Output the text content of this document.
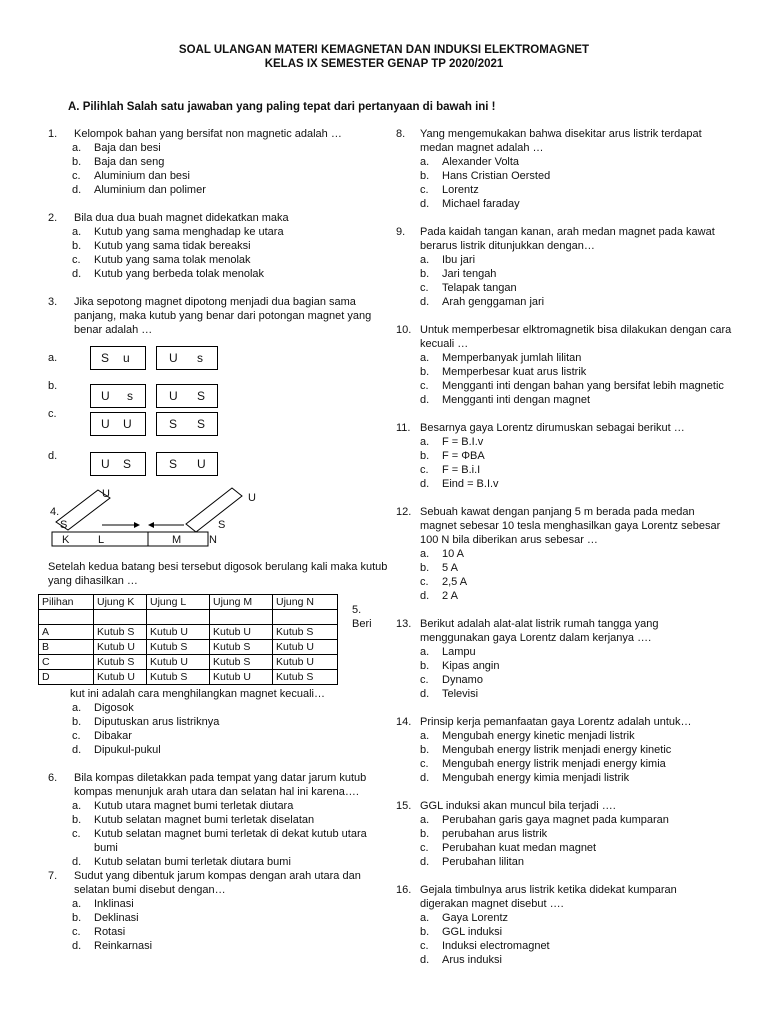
SOAL ULANGAN MATERI KEMAGNETAN DAN INDUKSI ELEKTROMAGNET
KELAS IX SEMESTER GENAP TP 2020/2021
A. Pilihlah Salah satu jawaban yang paling tepat dari pertanyaan di bawah ini !
1. Kelompok bahan yang bersifat non magnetic adalah …
a. Baja dan besi
b. Baja dan seng
c. Aluminium dan besi
d. Aluminium dan polimer
2. Bila dua dua buah magnet didekatkan maka
a. Kutub yang sama menghadap ke utara
b. Kutub yang sama tidak bereaksi
c. Kutub yang sama tolak menolak
d. Kutub yang berbeda tolak menolak
3. Jika sepotong magnet dipotong menjadi dua bagian sama
panjang, maka kutub yang benar dari potongan magnet yang
benar adalah …
a.
b.
c.
d.
S u	U s
U s	U S
U U	S S
U S	S U
4.
U
S
K	L
U
S
M	N
Setelah kedua batang besi tersebut digosok berulang kali maka kutub
yang dihasilkan …
Pilihan	Ujung K	Ujung L	Ujung M	Ujung N

A	Kutub S	Kutub U	Kutub U	Kutub S
B	Kutub U	Kutub S	Kutub S	Kutub U
C	Kutub S	Kutub U	Kutub S	Kutub U
D	Kutub U	Kutub S	Kutub U	Kutub S
5.
Beri
kut ini adalah cara menghilangkan magnet kecuali…
a. Digosok
b. Diputuskan arus listriknya
c. Dibakar
d. Dipukul-pukul
6. Bila kompas diletakkan pada tempat yang datar jarum kutub
kompas menunjuk arah utara dan selatan hal ini karena….
a. Kutub utara magnet bumi terletak diutara
b. Kutub selatan magnet bumi terletak diselatan
c. Kutub selatan magnet bumi terletak di dekat kutub utara
bumi
d. Kutub selatan bumi terletak diutara bumi
7. Sudut yang dibentuk jarum kompas dengan arah utara dan
selatan bumi disebut dengan…
a. Inklinasi
b. Deklinasi
c. Rotasi
d. Reinkarnasi
8. Yang mengemukakan bahwa disekitar arus listrik terdapat
medan magnet adalah …
a. Alexander Volta
b. Hans Cristian Oersted
c. Lorentz
d. Michael faraday
9. Pada kaidah tangan kanan, arah medan magnet pada kawat
berarus listrik ditunjukkan dengan…
a. Ibu jari
b. Jari tengah
c. Telapak tangan
d. Arah genggaman jari
10. Untuk memperbesar elktromagnetik bisa dilakukan dengan cara
kecuali …
a. Memperbanyak jumlah lilitan
b. Memperbesar kuat arus listrik
c. Mengganti inti dengan bahan yang bersifat lebih magnetic
d. Mengganti inti dengan magnet
11. Besarnya gaya Lorentz dirumuskan sebagai berikut …
a. F = B.I.v
b. F = ΦBA
c. F = B.i.I
d. Eind = B.I.v
12. Sebuah kawat dengan panjang 5 m berada pada medan
magnet sebesar 10 tesla menghasilkan gaya Lorentz sebesar
100 N bila diberikan arus sebesar …
a. 10 A
b. 5 A
c. 2,5 A
d. 2 A
13. Berikut adalah alat-alat listrik rumah tangga yang
menggunakan gaya Lorentz dalam kerjanya ….
a. Lampu
b. Kipas angin
c. Dynamo
d. Televisi
14. Prinsip kerja pemanfaatan gaya Lorentz adalah untuk…
a. Mengubah energy kinetic menjadi listrik
b. Mengubah energy listrik menjadi energy kinetic
c. Mengubah energy listrik menjadi energy kimia
d. Mengubah energy kimia menjadi listrik
15. GGL induksi akan muncul bila terjadi ….
a. Perubahan garis gaya magnet pada kumparan
b. perubahan arus listrik
c. Perubahan kuat medan magnet
d. Perubahan lilitan
16. Gejala timbulnya arus listrik ketika didekat kumparan
digerakan magnet disebut ….
a. Gaya Lorentz
b. GGL induksi
c. Induksi electromagnet
d. Arus induksi
